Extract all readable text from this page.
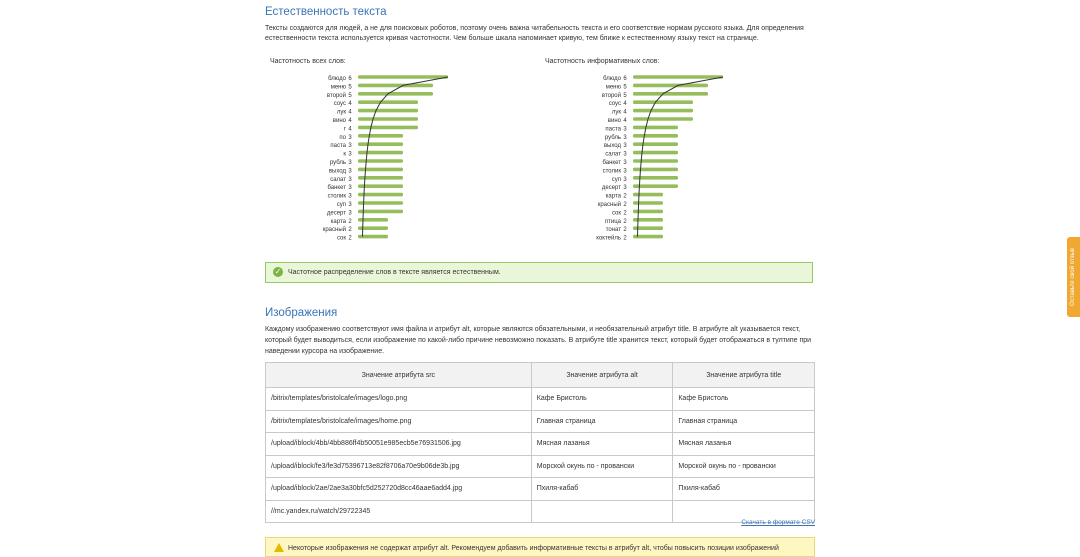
Естественность текста
Тексты создаются для людей, а не для поисковых роботов, поэтому очень важна читабельность текста и его соответствие нормам русского языка. Для определения естественности текста используется кривая частотности. Чем больше шкала напоминает кривую, тем ближе к естественному языку текст на странице.
Частотность всех слов:
блюдо 6
меню 5
второй 5
соус 4
лук 4
вино 4
г 4
по 3
паста 3
к 3
рубль 3
выход 3
салат 3
банкет 3
столик 3
суп 3
десерт 3
карта 2
красный 2
сок 2
Частотность информативных слов:
блюдо 6
меню 5
второй 5
соус 4
лук 4
вино 4
паста 3
рубль 3
выход 3
салат 3
банкет 3
столик 3
суп 3
десерт 3
карта 2
красный 2
сок 2
птица 2
тонат 2
коктейль 2
✓ Частотное распределение слов в тексте является естественным.
Изображения
Каждому изображению соответствуют имя файла и атрибут alt, которые являются обязательными, и необязательный атрибут title. В атрибуте alt указывается текст, который будет выводиться, если изображение по какой-либо причине невозможно показать. В атрибуте title хранится текст, который будет отображаться в тултипе при наведении курсора на изображение.
Значение атрибута src	Значение атрибута alt	Значение атрибута title
/bitrix/templates/bristolcafe/images/logo.png	Кафе Бристоль	Кафе Бристоль
/bitrix/templates/bristolcafe/images/home.png	Главная страница	Главная страница
/upload/iblock/4bb/4bb886ff4b50051e985ecb5e76931506.jpg	Мясная лазанья	Мясная лазанья
/upload/iblock/fe3/fe3d75396713e82f8706a70e9b06de3b.jpg	Морской окунь по - провански	Морской окунь по - провански
/upload/iblock/2ae/2ae3a30bfc5d252720d8cc46aae6add4.jpg	Пхиля-кабаб	Пхиля-кабаб
//mc.yandex.ru/watch/29722345		
Скачать в формате CSV
Некоторые изображения не содержат атрибут alt. Рекомендуем добавить информативные тексты в атрибут alt, чтобы повысить позиции изображений
Оставьте свой отзыв
